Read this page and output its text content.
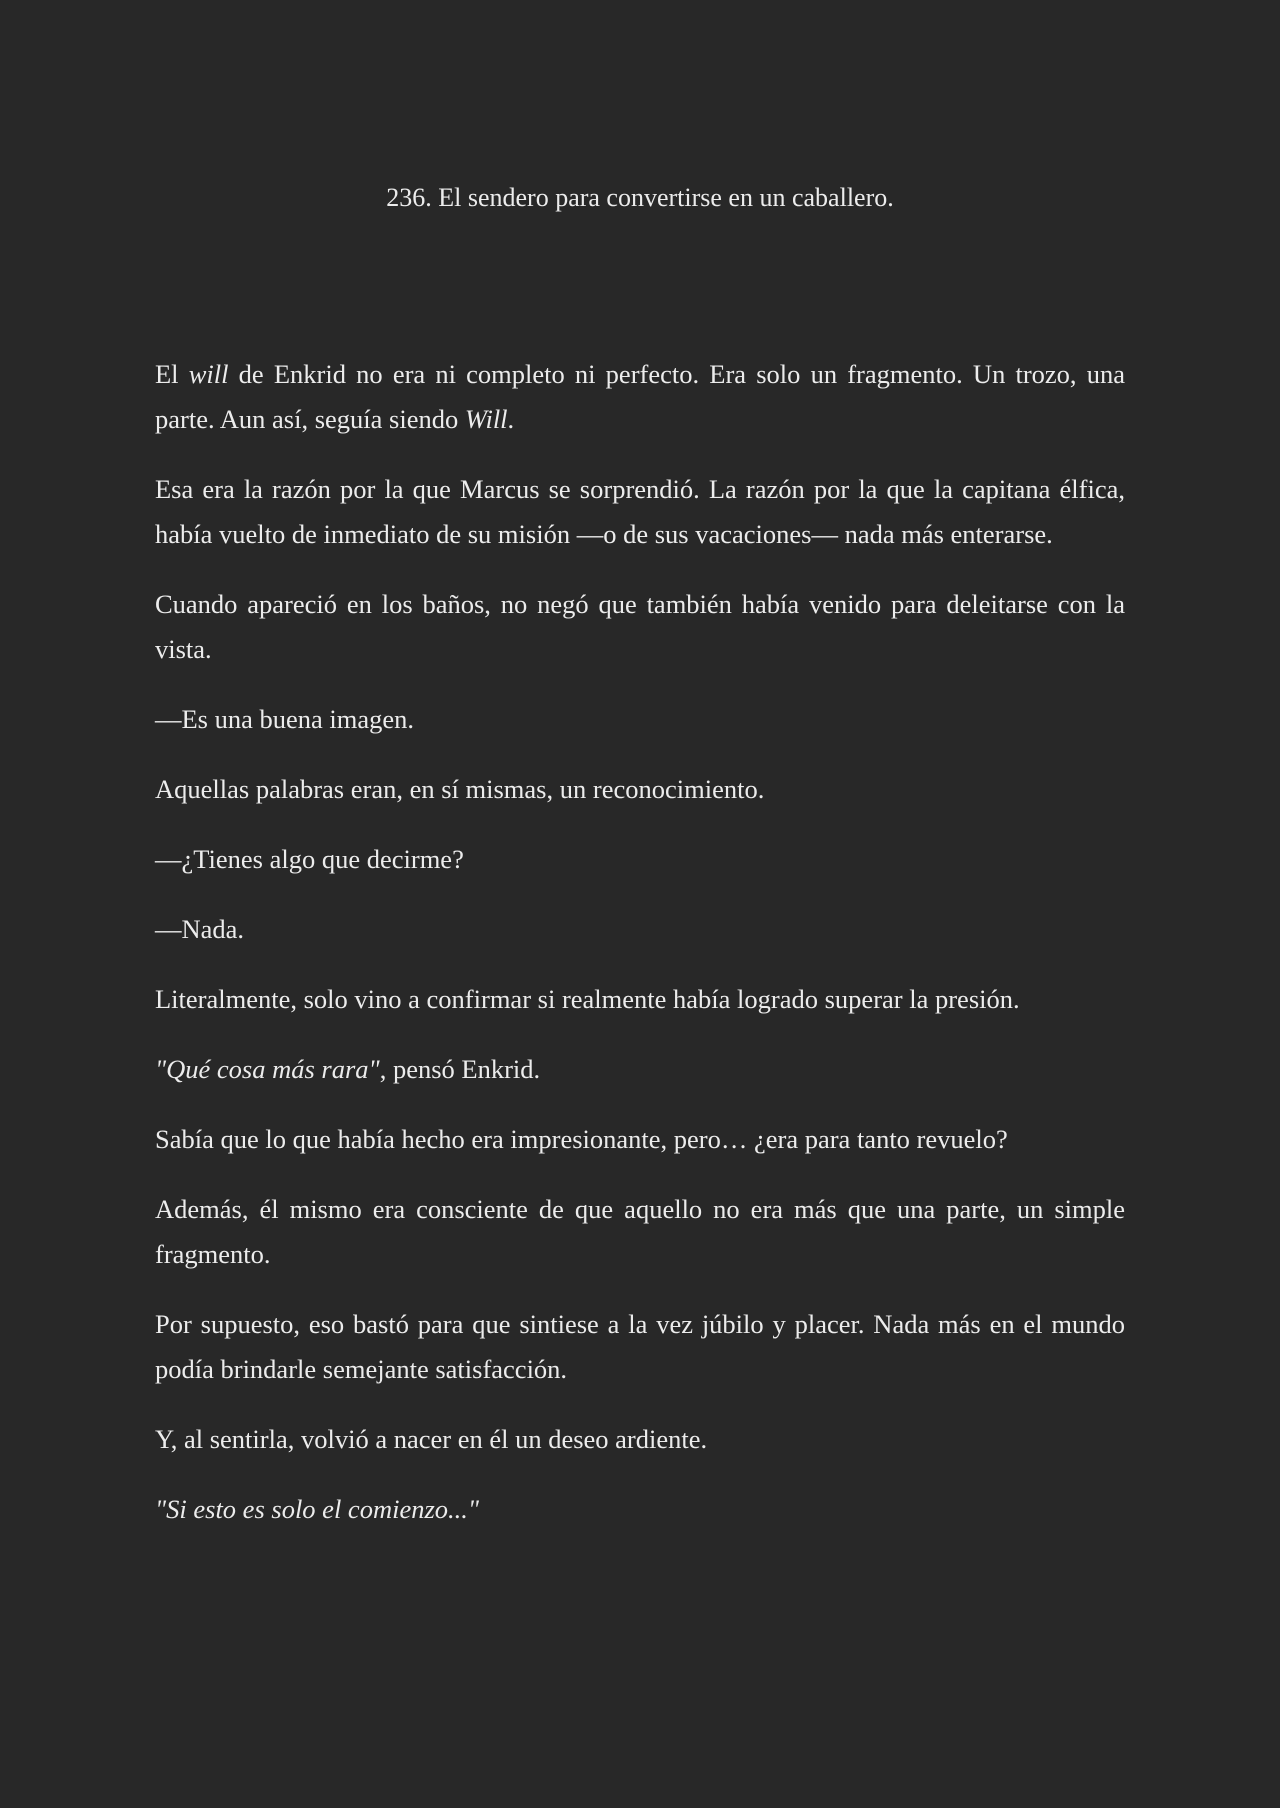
236. El sendero para convertirse en un caballero.

El will de Enkrid no era ni completo ni perfecto. Era solo un fragmento. Un trozo, una parte. Aun así, seguía siendo Will.

Esa era la razón por la que Marcus se sorprendió. La razón por la que la capitana élfica, había vuelto de inmediato de su misión —o de sus vacaciones— nada más enterarse.

Cuando apareció en los baños, no negó que también había venido para deleitarse con la vista.

—Es una buena imagen.

Aquellas palabras eran, en sí mismas, un reconocimiento.

—¿Tienes algo que decirme?

—Nada.

Literalmente, solo vino a confirmar si realmente había logrado superar la presión.

"Qué cosa más rara", pensó Enkrid.

Sabía que lo que había hecho era impresionante, pero… ¿era para tanto revuelo?

Además, él mismo era consciente de que aquello no era más que una parte, un simple fragmento.

Por supuesto, eso bastó para que sintiese a la vez júbilo y placer. Nada más en el mundo podía brindarle semejante satisfacción.

Y, al sentirla, volvió a nacer en él un deseo ardiente.

"Si esto es solo el comienzo..."
